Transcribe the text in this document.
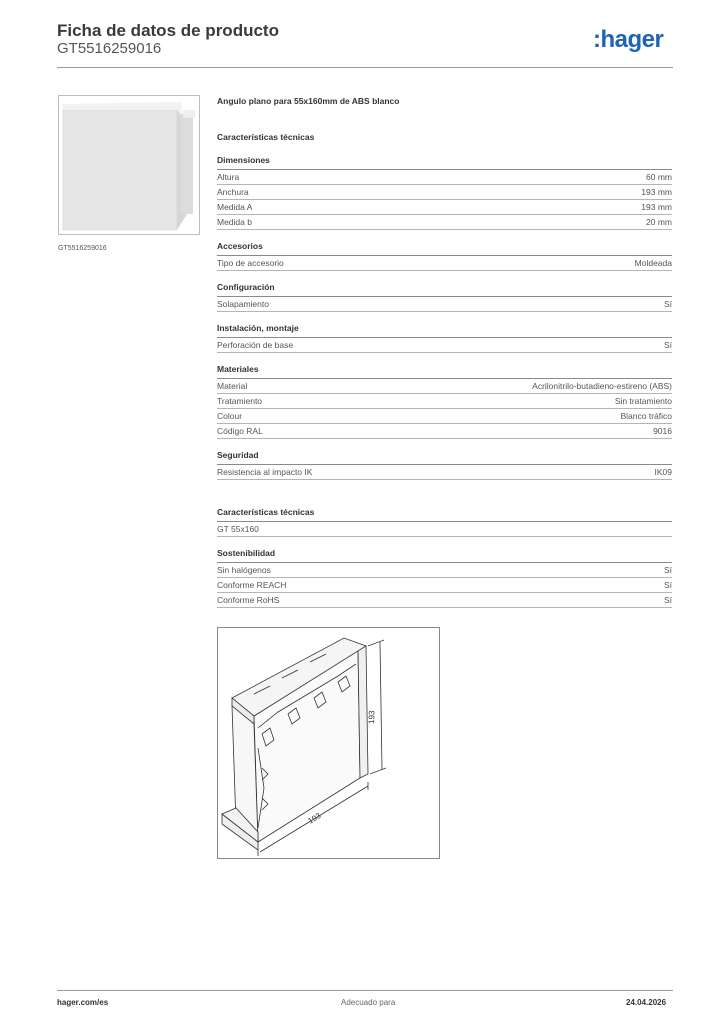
Ficha de datos de producto
GT5516259016	:hager
GT5516259016
Angulo plano para 55x160mm de ABS blanco
Características técnicas
Dimensiones
Altura	60 mm
Anchura	193 mm
Medida A	193 mm
Medida b	20 mm
Accesorios
Tipo de accesorio	Moldeada
Configuración
Solapamiento	Sí
Instalación, montaje
Perforación de base	Sí
Materiales
Material	Acrilonitrilo-butadieno-estireno (ABS)
Tratamiento	Sin tratamiento
Colour	Blanco tráfico
Código RAL	9016
Seguridad
Resistencia al impacto IK	IK09
Características técnicas
GT 55x160
Sostenibilidad
Sin halógenos	Sí
Conforme REACH	Sí
Conforme RoHS	Sí
193
193
hager.com/es	Adecuado para	24.04.2026
